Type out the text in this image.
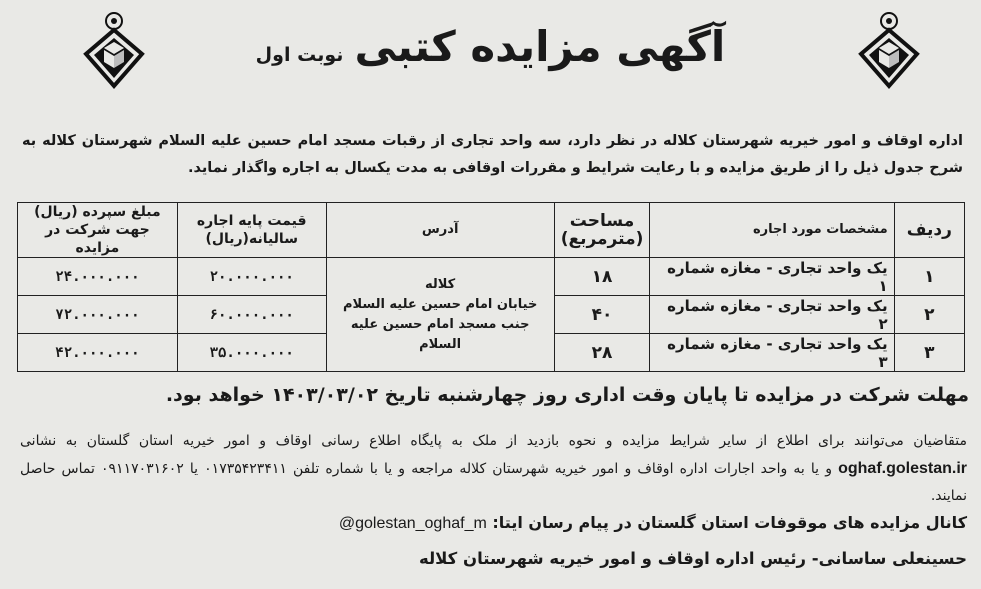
آگهی مزایده کتبی نوبت اول
اداره اوقاف و امور خیریه شهرستان کلاله در نظر دارد، سه واحد تجاری از رقبات مسجد امام حسین علیه السلام شهرستان کلاله به شرح جدول ذیل را از طریق مزایده و با رعایت شرایط و مقررات اوقافی به مدت یکسال به اجاره واگذار نماید.
ردیف	مشخصات مورد اجاره	مساحت (مترمربع)	آدرس	قیمت پایه اجاره سالیانه(ریال)	مبلغ سپرده (ریال) جهت شرکت در مزایده
۱	یک واحد تجاری - مغازه شماره ۱	۱۸	کلاله
خیابان امام حسین علیه السلام
جنب مسجد امام حسین علیه السلام	۲۰.۰۰۰.۰۰۰	۲۴.۰۰۰.۰۰۰
۲	یک واحد تجاری - مغازه شماره ۲	۴۰		۶۰.۰۰۰.۰۰۰	۷۲.۰۰۰.۰۰۰
۳	یک واحد تجاری - مغازه شماره ۳	۲۸		۳۵.۰۰۰.۰۰۰	۴۲.۰۰۰.۰۰۰
مهلت شرکت در مزایده تا پایان وقت اداری روز چهارشنبه تاریخ ۱۴۰۳/۰۳/۰۲ خواهد بود.
متقاضیان می‌توانند برای اطلاع از سایر شرایط مزایده و نحوه بازدید از ملک به پایگاه اطلاع رسانی اوقاف و امور خیریه استان گلستان به نشانی oghaf.golestan.ir و یا به واحد اجارات اداره اوقاف و امور خیریه شهرستان کلاله مراجعه و یا با شماره تلفن ۰۱۷۳۵۴۲۳۴۱۱ یا ۰۹۱۱۷۰۳۱۶۰۲ تماس حاصل نمایند.
کانال مزایده های موقوفات استان گلستان در پیام رسان ایتا: @golestan_oghaf_m
حسینعلی ساسانی- رئیس اداره اوقاف و امور خیریه شهرستان کلاله
